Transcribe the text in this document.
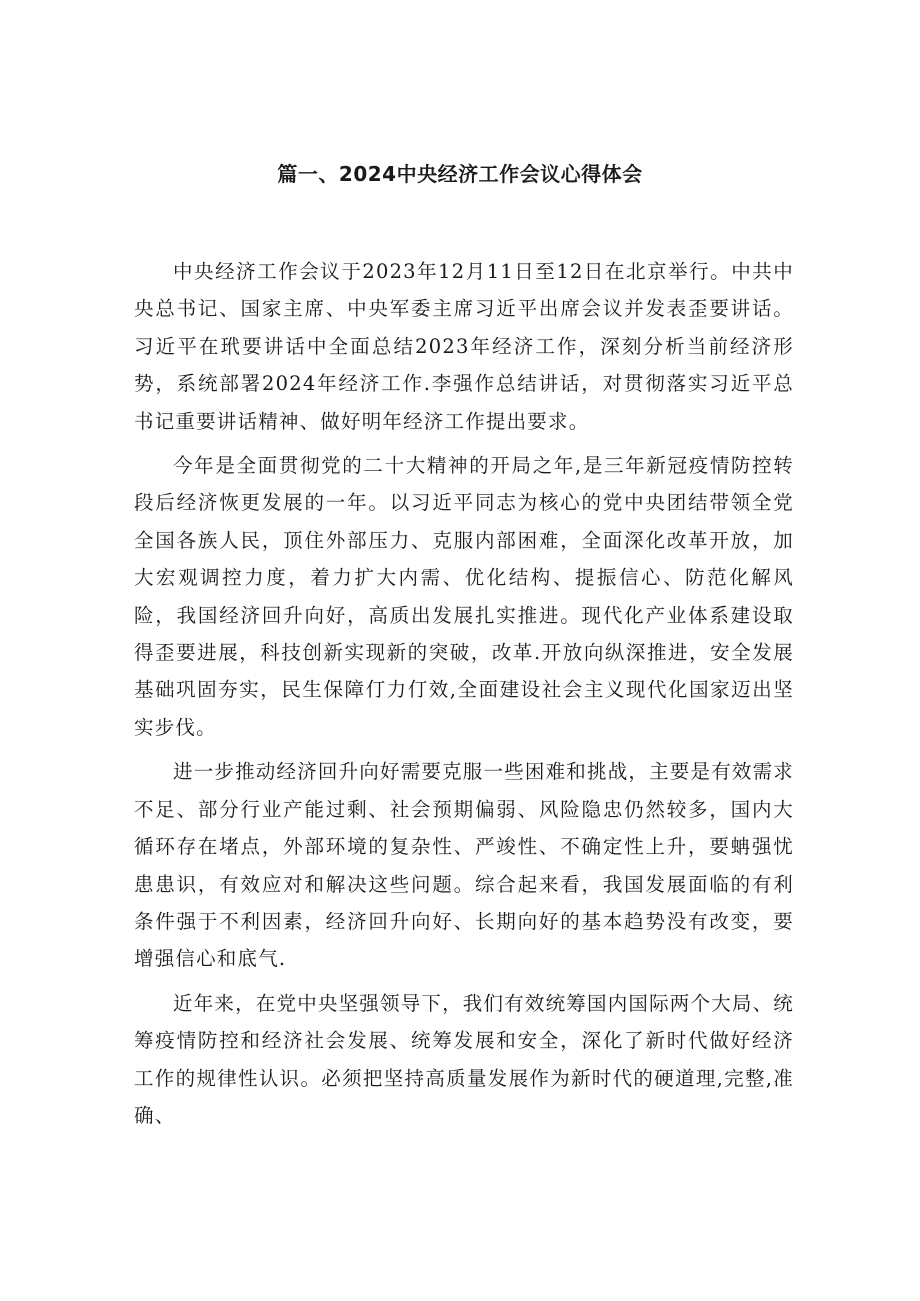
篇一、2024中央经济工作会议心得体会

中央经济工作会议于2023年12月11日至12日在北京举行。中共中央总书记、国家主席、中央军委主席习近平出席会议并发表歪要讲话。习近平在玳要讲话中全面总结2023年经济工作，深刻分析当前经济形势，系统部署2024年经济工作.李强作总结讲话，对贯彻落实习近平总书记重要讲话精神、做好明年经济工作提出要求。

今年是全面贯彻党的二十大精神的开局之年,是三年新冠疫情防控转段后经济恢更发展的一年。以习近平同志为核心的党中央团结带领全党全国各族人民，顶住外部压力、克服内部困难，全面深化改革开放，加大宏观调控力度，着力扩大内需、优化结构、提振信心、防范化解风险，我国经济回升向好，高质出发展扎实推进。现代化产业体系建设取得歪要进展，科技创新实现新的突破，改革.开放向纵深推进，安全发展基础巩固夯实，民生保障仃力仃效,全面建设社会主义现代化国家迈出坚实步伐。

进一步推动经济回升向好需要克服一些困难和挑战，主要是有效需求不足、部分行业产能过剩、社会预期偏弱、风险隐忠仍然较多，国内大循环存在堵点，外部环境的复杂性、严竣性、不确定性上升，要蚺强忧患患识，有效应对和解决这些问题。综合起来看，我国发展面临的有利条件强于不利因素，经济回升向好、长期向好的基本趋势没有改变，要增强信心和底气.

近年来，在党中央坚强领导下，我们有效统筹国内国际两个大局、统筹疫情防控和经济社会发展、统筹发展和安全，深化了新时代做好经济工作的规律性认识。必须把坚持高质量发展作为新时代的硬道理,完整,准确、
